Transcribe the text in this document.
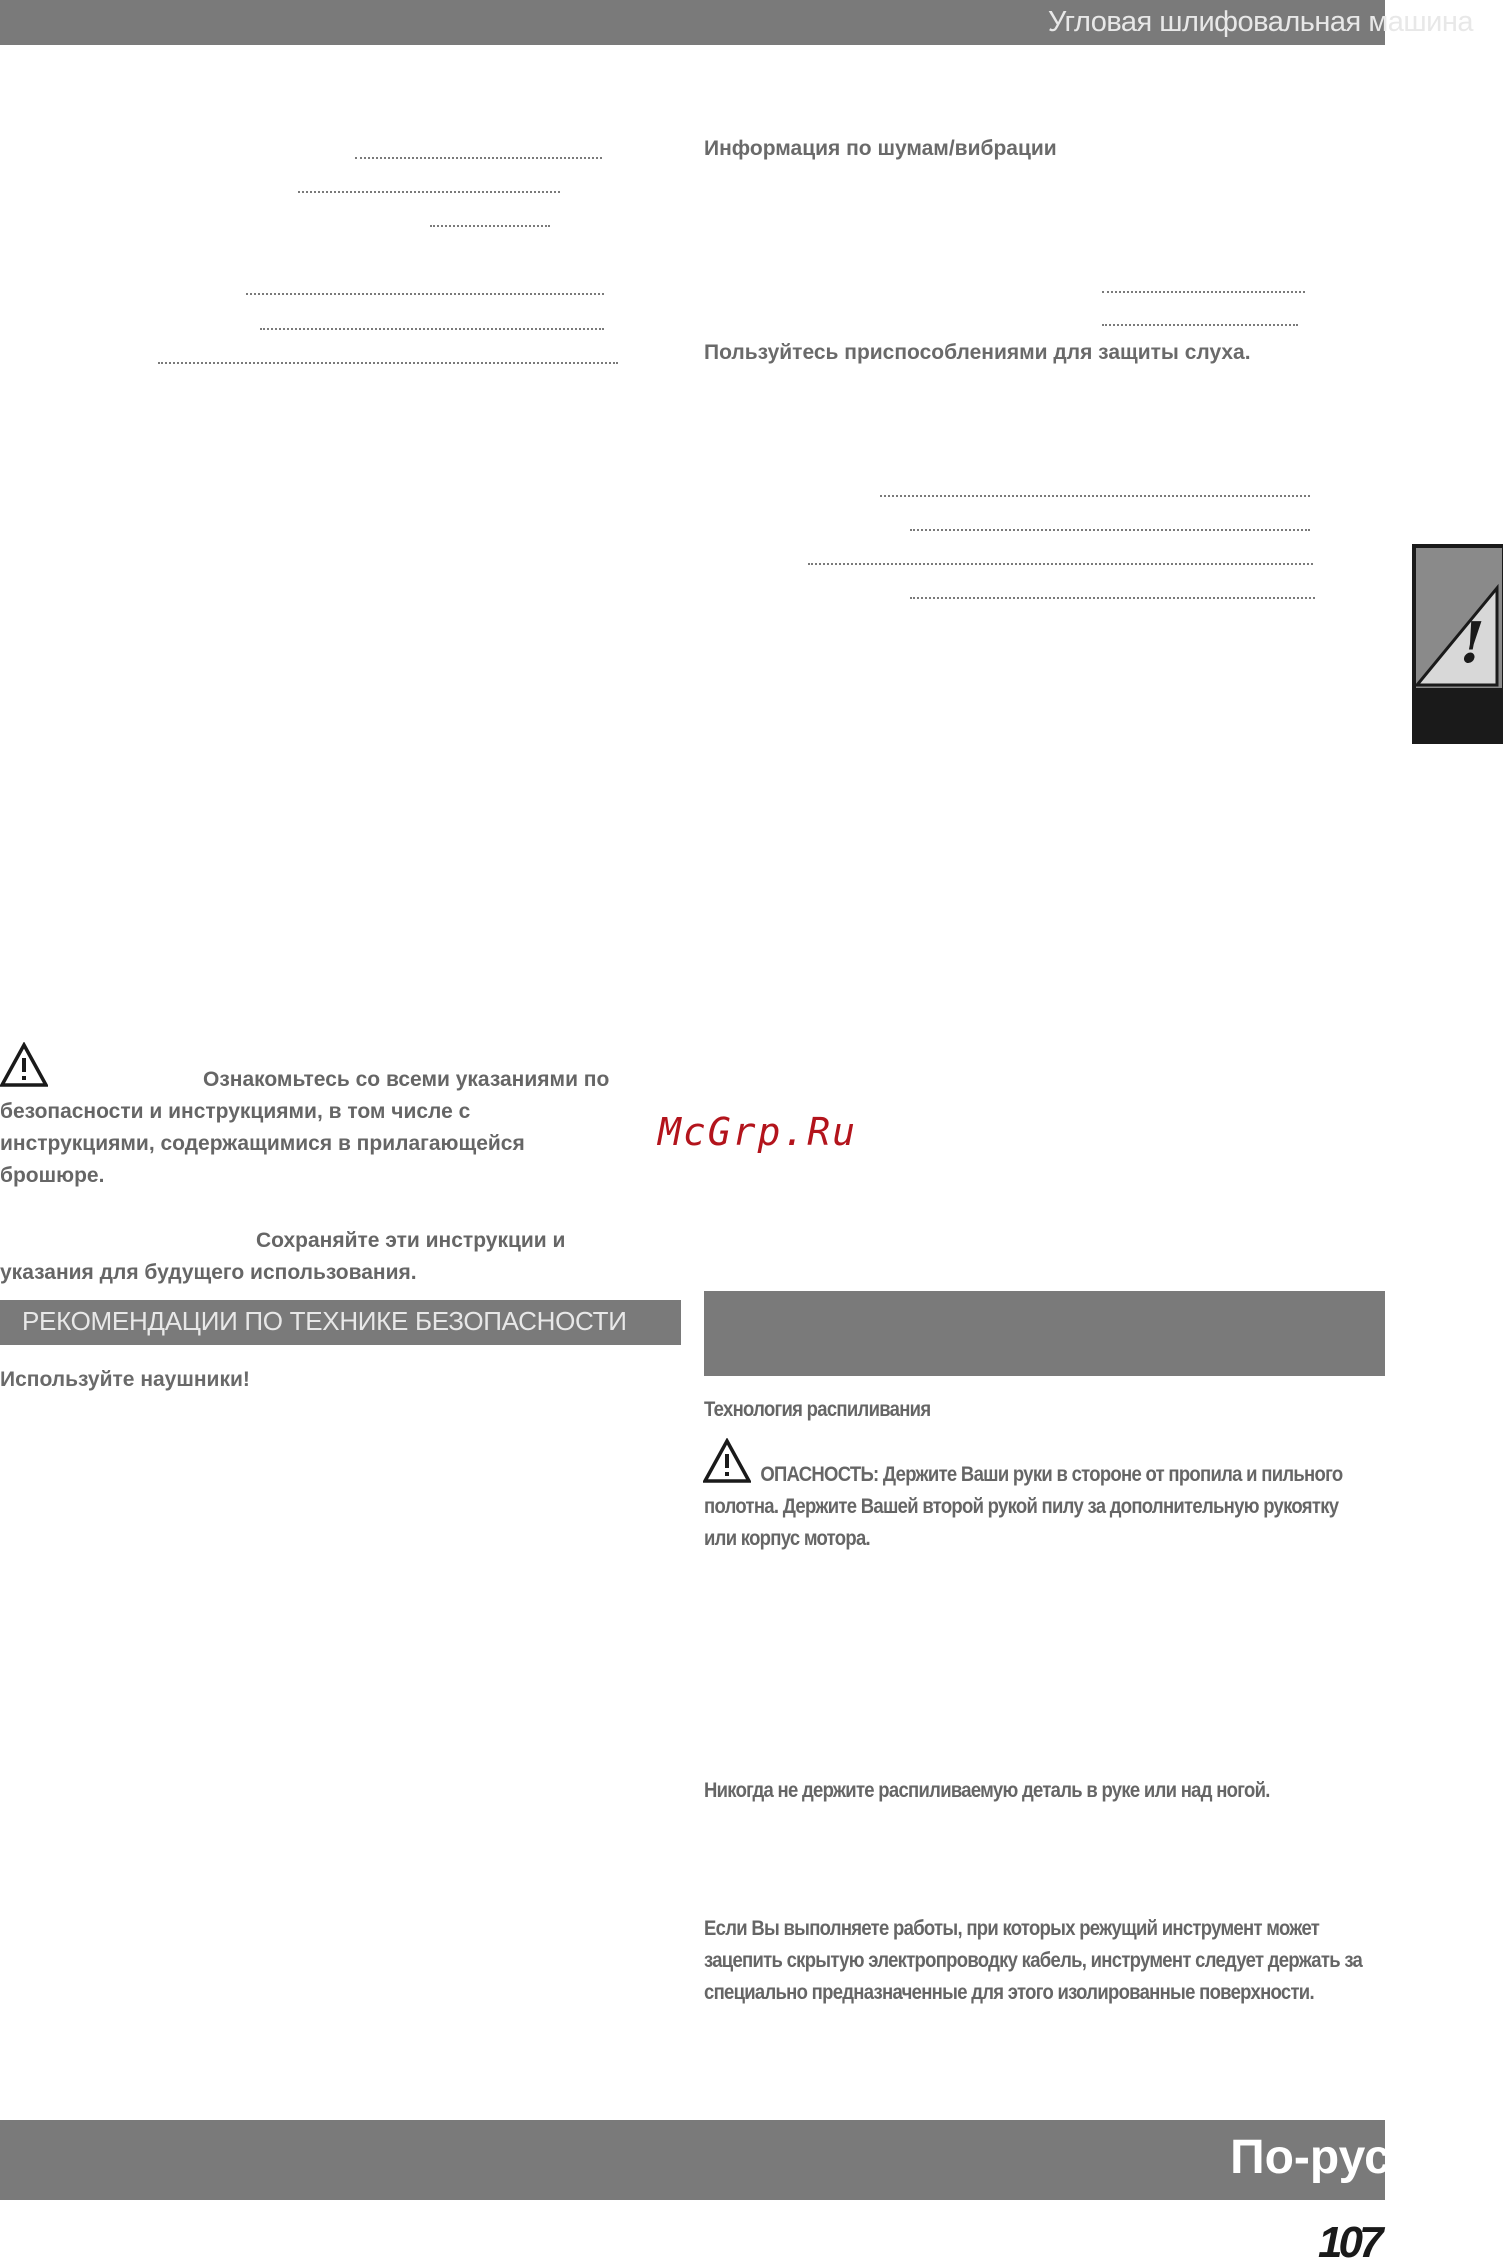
Угловая шлифовальная машина
Информация по шумам/вибрации
Пользуйтесь приспособлениями для защиты слуха.
!
Ознакомьтесь со всеми указаниями по безопасности и инструкциями, в том числе с инструкциями, содержащимися в прилагающейся брошюре.
Сохраняйте эти инструкции и указания для будущего использования.
РЕКОМЕНДАЦИИ ПО ТЕХНИКЕ БЕЗОПАСНОСТИ
Используйте наушники!
McGrp.Ru
Технология распиливания
ОПАСНОСТЬ: Держите Ваши руки в стороне от пропила и пильного полотна. Держите Вашей второй рукой пилу за дополнительную рукоятку или корпус мотора.
Никогда не держите распиливаемую деталь в руке или над ногой.
Если Вы выполняете работы, при которых режущий инструмент может зацепить скрытую электропроводку кабель, инструмент следует держать за специально предназначенные для этого изолированные поверхности.
По-русски
107
